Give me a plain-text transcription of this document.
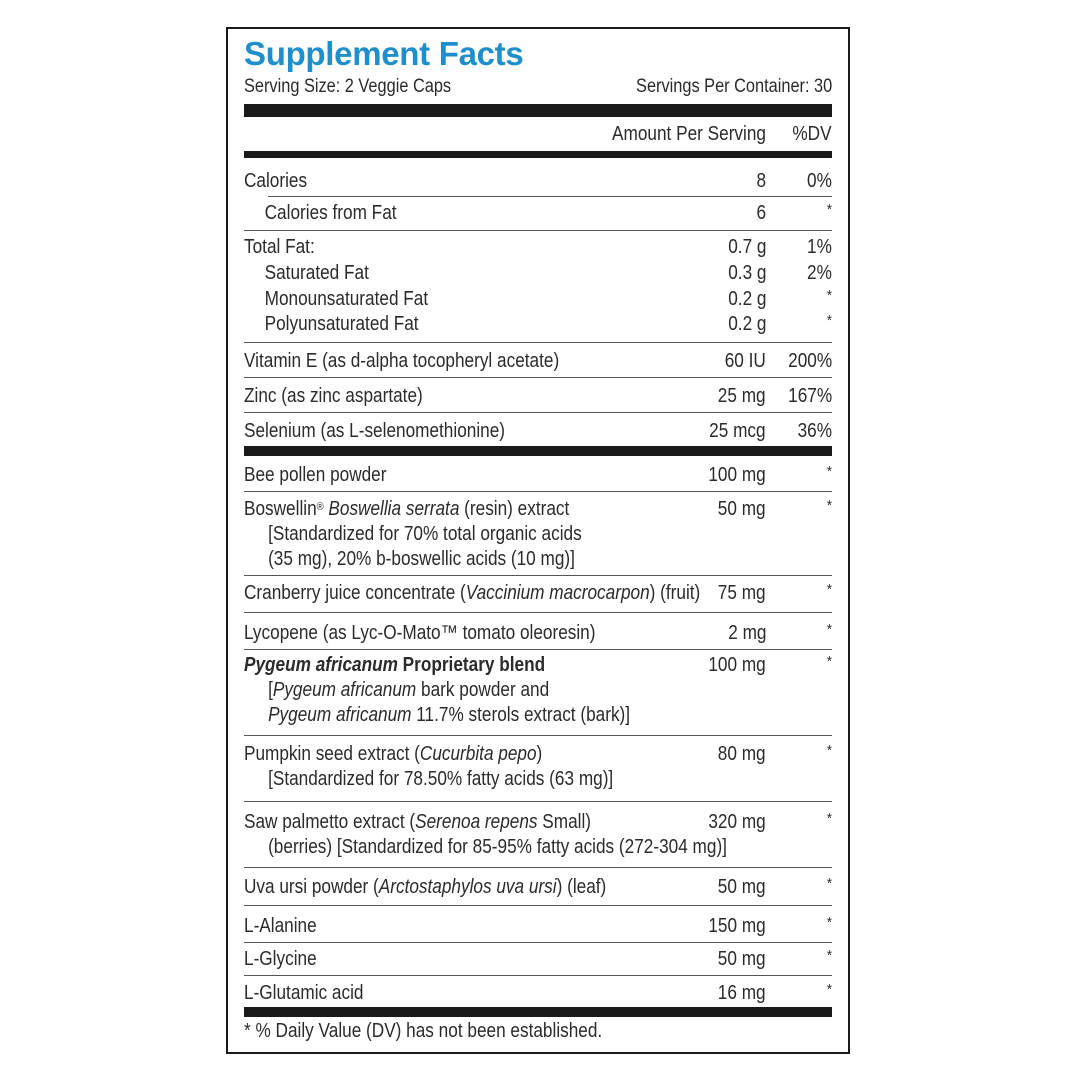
Supplement Facts
Serving Size: 2 Veggie Caps	Servings Per Container: 30
Amount Per Serving %DV
Calories	8 0%
Calories from Fat	6	*
Total Fat:	0.7 g 1%
Saturated Fat	0.3 g 2%
Monounsaturated Fat	0.2 g	*
Polyunsaturated Fat	0.2 g	*
Vitamin E (as d-alpha tocopheryl acetate)	60 IU 200%
Zinc (as zinc aspartate)	25 mg 167%
Selenium (as L-selenomethionine)	25 mcg 36%
Bee pollen powder	100 mg	*
Boswellin® Boswellia serrata (resin) extract
[Standardized for 70% total organic acids
(35 mg), 20% b-boswellic acids (10 mg)]
50 mg	*
Cranberry juice concentrate (Vaccinium macrocarpon) (fruit) 75 mg	*
Lycopene (as Lyc-O-Mato™ tomato oleoresin)	2 mg	*
Pygeum africanum Proprietary blend
[Pygeum africanum bark powder and
Pygeum africanum 11.7% sterols extract (bark)]
100 mg	*
Pumpkin seed extract (Cucurbita pepo)
[Standardized for 78.50% fatty acids (63 mg)]
80 mg	*
Saw palmetto extract (Serenoa repens Small)
(berries) [Standardized for 85-95% fatty acids (272-304 mg)]
320 mg	*
Uva ursi powder (Arctostaphylos uva ursi) (leaf)	50 mg	*
L-Alanine	150 mg	*
L-Glycine	50 mg	*
L-Glutamic acid	16 mg	*
* % Daily Value (DV) has not been established.
